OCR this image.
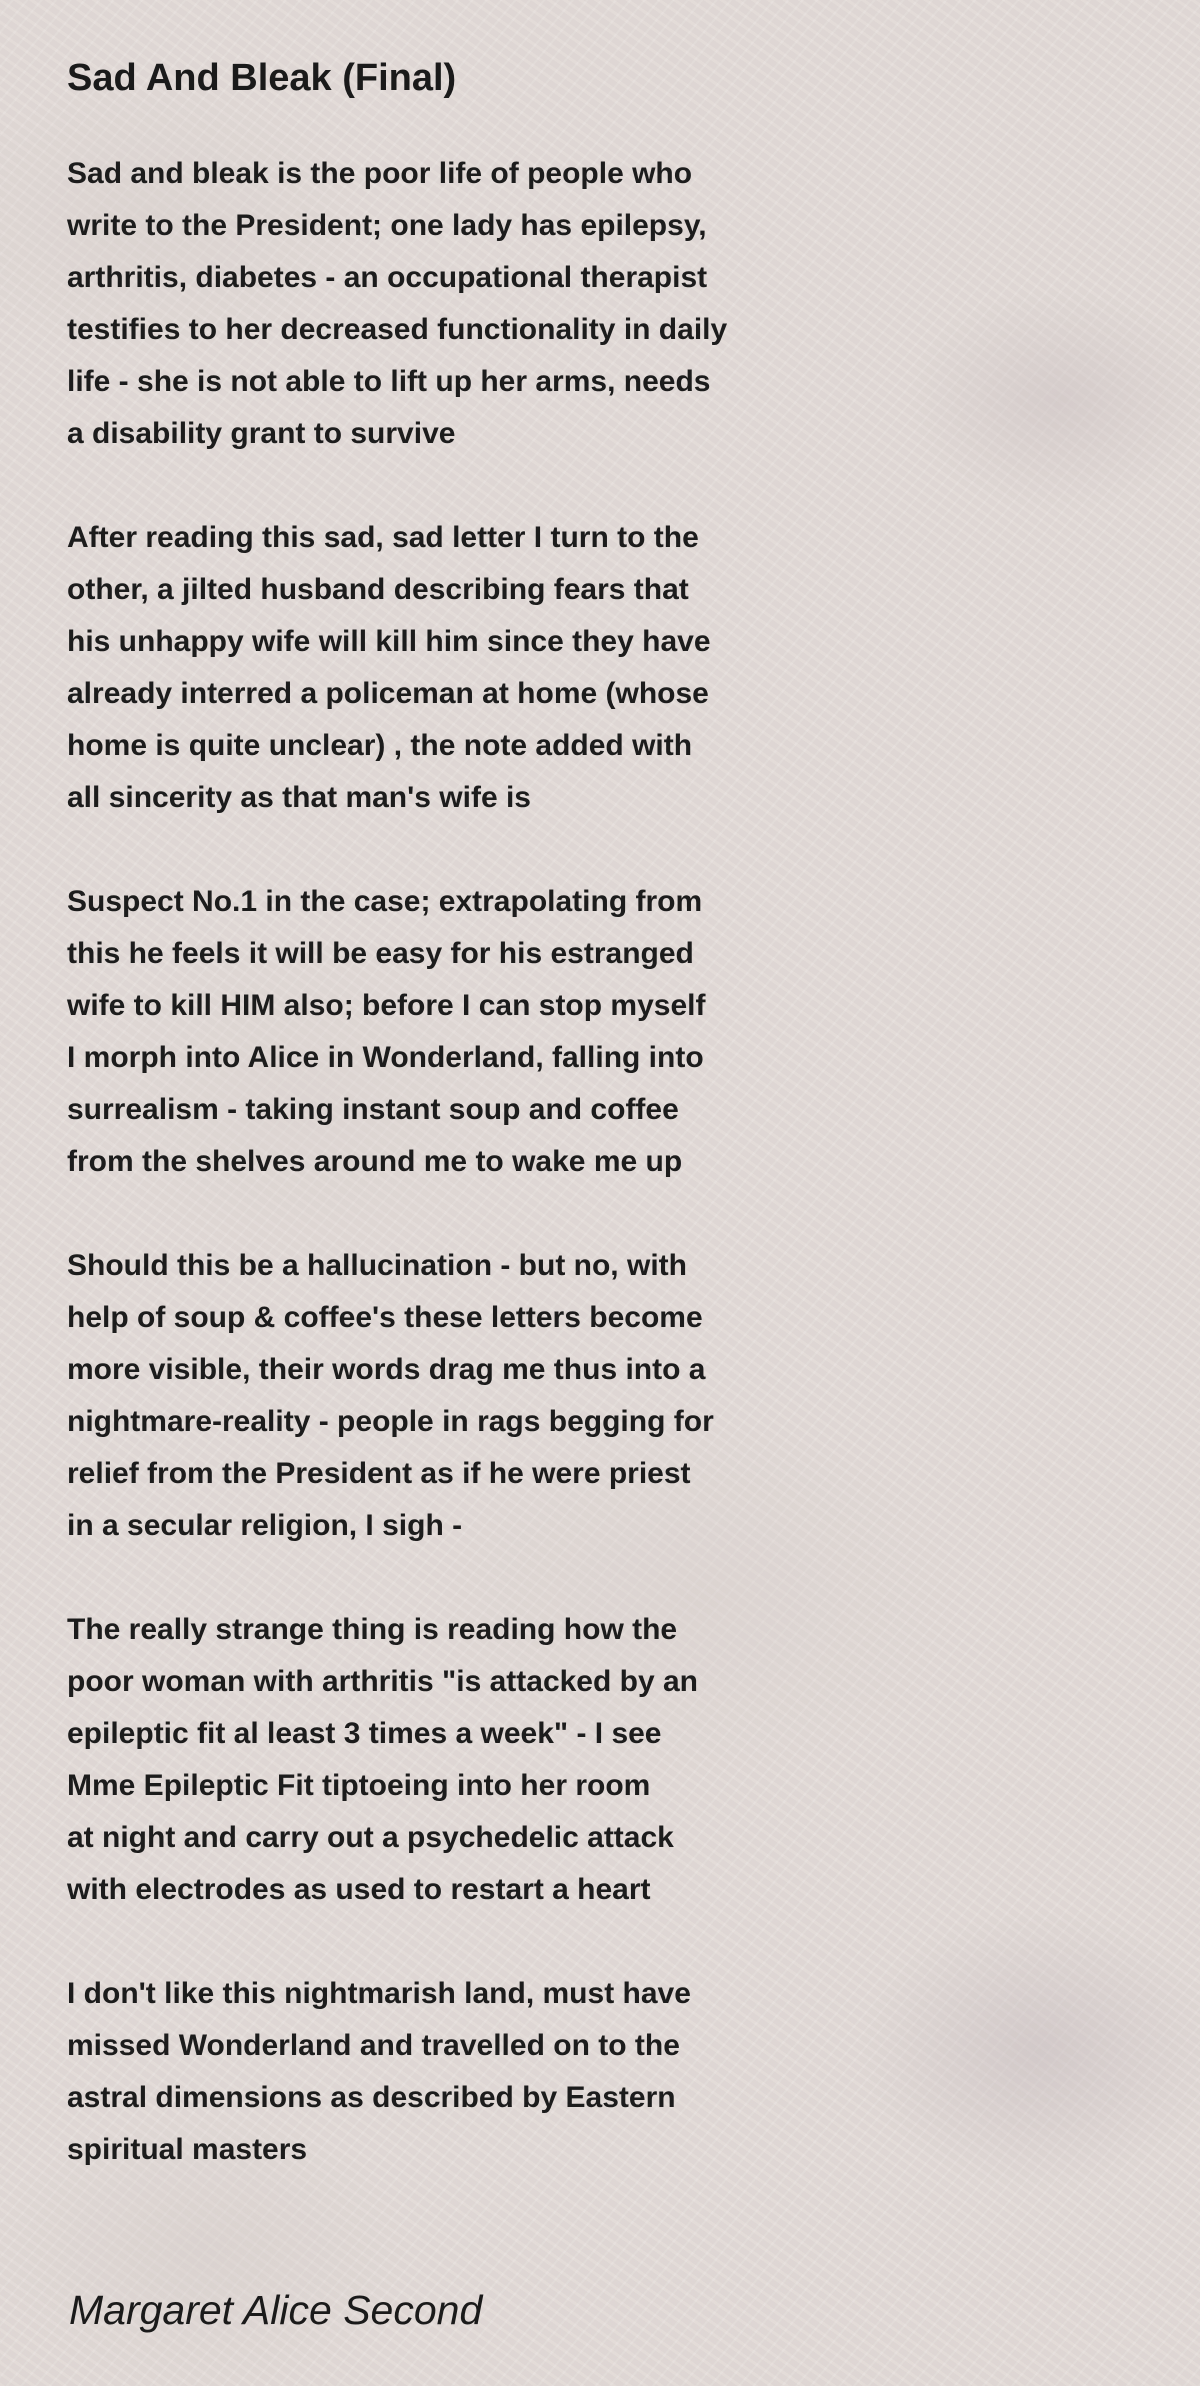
Sad And Bleak (Final)
Sad and bleak is the poor life of people who
write to the President; one lady has epilepsy,
arthritis, diabetes - an occupational therapist
testifies to her decreased functionality in daily
life - she is not able to lift up her arms, needs
a disability grant to survive
After reading this sad, sad letter I turn to the
other, a jilted husband describing fears that
his unhappy wife will kill him since they have
already interred a policeman at home (whose
home is quite unclear) , the note added with
all sincerity as that man's wife is
Suspect No.1 in the case; extrapolating from
this he feels it will be easy for his estranged
wife to kill HIM also; before I can stop myself
I morph into Alice in Wonderland, falling into
surrealism - taking instant soup and coffee
from the shelves around me to wake me up
Should this be a hallucination - but no, with
help of soup & coffee's these letters become
more visible, their words drag me thus into a
nightmare-reality - people in rags begging for
relief from the President as if he were priest
in a secular religion, I sigh -
The really strange thing is reading how the
poor woman with arthritis "is attacked by an
epileptic fit al least 3 times a week" - I see
Mme Epileptic Fit tiptoeing into her room
at night and carry out a psychedelic attack
with electrodes as used to restart a heart
I don't like this nightmarish land, must have
missed Wonderland and travelled on to the
astral dimensions as described by Eastern
spiritual masters

Margaret Alice Second
